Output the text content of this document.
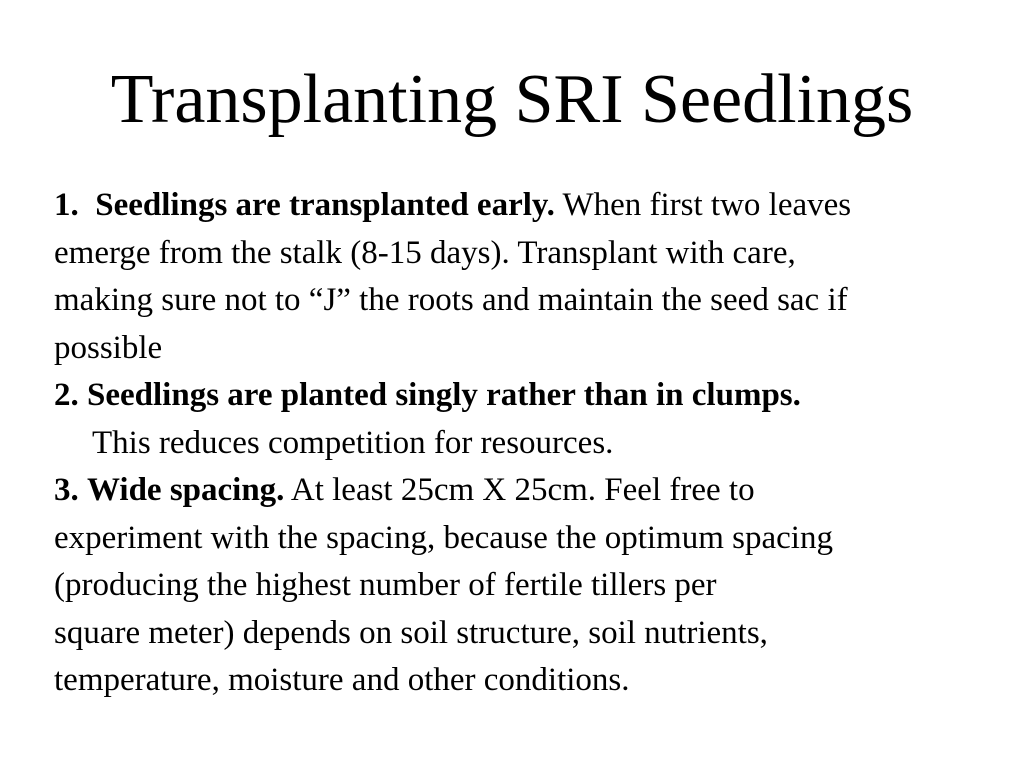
Transplanting SRI Seedlings
1. Seedlings are transplanted early. When first two leaves
emerge from the stalk (8-15 days). Transplant with care,
making sure not to “J” the roots and maintain the seed sac if
possible
2. Seedlings are planted singly rather than in clumps.
This reduces competition for resources.
3. Wide spacing. At least 25cm X 25cm. Feel free to
experiment with the spacing, because the optimum spacing
(producing the highest number of fertile tillers per
square meter) depends on soil structure, soil nutrients,
temperature, moisture and other conditions.
